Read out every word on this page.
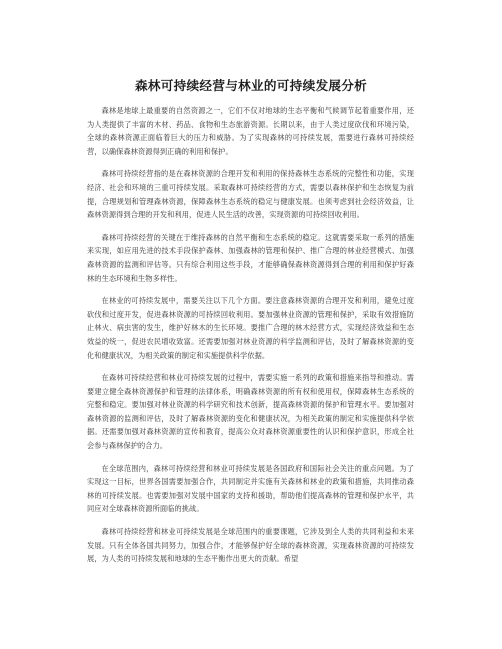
森林可持续经营与林业的可持续发展分析

森林是地球上最重要的自然资源之一，它们不仅对地球的生态平衡和气候调节起着重要作用，还为人类提供了丰富的木材、药品、食物和生态旅游资源。长期以来，由于人类过度砍伐和环境污染，全球的森林资源正面临着巨大的压力和威胁。为了实现森林的可持续发展，需要进行森林可持续经营，以确保森林资源得到正确的利用和保护。

森林可持续经营指的是在森林资源的合理开发和利用的保持森林生态系统的完整性和功能，实现经济、社会和环境的三重可持续发展。采取森林可持续经营的方式，需要以森林保护和生态恢复为前提，合理规划和管理森林资源，保障森林生态系统的稳定与健康发展。也须考虑到社会经济效益，让森林资源得到合理的开发和利用，促进人民生活的改善，实现资源的可持续回收利用。

森林可持续经营的关键在于维持森林的自然平衡和生态系统的稳定。这就需要采取一系列的措施来实现，如应用先进的技术手段保护森林、加强森林的管理和保护、推广合理的林业经营模式、加强森林资源的监测和评估等。只有综合利用这些手段，才能够确保森林资源得到合理的利用和保护好森林的生态环境和生物多样性。

在林业的可持续发展中，需要关注以下几个方面。要注意森林资源的合理开发和利用，避免过度砍伐和过度开发，促进森林资源的可持续回收利用。要加强林业资源的管理和保护，采取有效措施防止林火、病虫害的发生，维护好林木的生长环境。要推广合理的林木经营方式，实现经济效益和生态效益的统一，促进农民增收致富。还需要加强对林业资源的科学监测和评估，及时了解森林资源的变化和健康状况，为相关政策的制定和实施提供科学依据。

在森林可持续经营和林业可持续发展的过程中，需要实施一系列的政策和措施来指导和推动。需要建立健全森林资源保护和管理的法律体系，明确森林资源的所有权和使用权，保障森林生态系统的完整和稳定。要加强对林业资源的科学研究和技术创新，提高森林资源的保护和管理水平。要加强对森林资源的监测和评估，及时了解森林资源的变化和健康状况，为相关政策的制定和实施提供科学依据。还需要加强对森林资源的宣传和教育，提高公众对森林资源重要性的认识和保护意识，形成全社会参与森林保护的合力。

在全球范围内，森林可持续经营和林业可持续发展是各国政府和国际社会关注的重点问题。为了实现这一目标，世界各国需要加强合作，共同制定并实施有关森林和林业的政策和措施，共同推动森林的可持续发展。也需要加强对发展中国家的支持和援助，帮助他们提高森林的管理和保护水平，共同应对全球森林资源所面临的挑战。

森林可持续经营和林业可持续发展是全球范围内的重要课题，它涉及到全人类的共同利益和未来发展。只有全体各国共同努力，加强合作，才能够保护好全球的森林资源，实现森林资源的可持续发展，为人类的可持续发展和地球的生态平衡作出更大的贡献。希望
